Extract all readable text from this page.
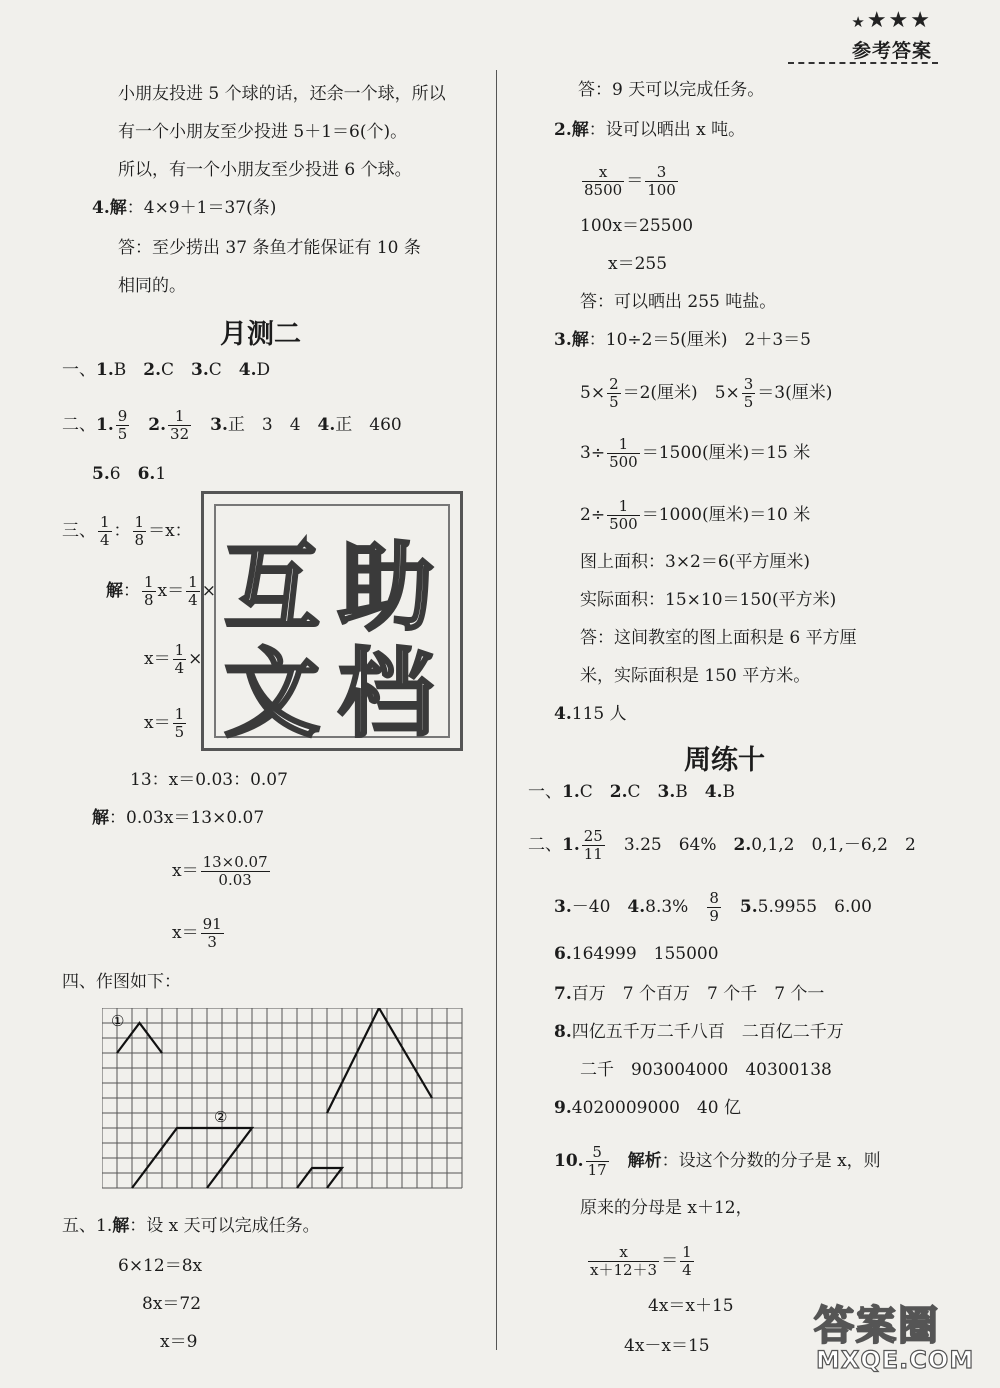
★★★★
参考答案
小朋友投进 5 个球的话，还余一个球，所以
有一个小朋友至少投进 5＋1＝6(个)。
所以，有一个小朋友至少投进 6 个球。
4.解：4×9＋1＝37(条)
答：至少捞出 37 条鱼才能保证有 10 条
相同的。
月测二
一、1.B　 2.C　 3.C　 4.D
二、1. $\frac{9}{5}$
　 2. $\frac{1}{32}$
　 3.正　3　4　 4.正　460
5.6　 6.1
三、 $\frac{1}{4}$ ： $\frac{1}{8} =x$：
解： $\frac{1}{8} x= \frac{1}{4}$ ×
$x= \frac{1}{4}$ ×
$x= \frac{1}{5}$
互 助
文 档
13：x＝0.03：0.07
解：0.03x＝13×0.07
$x= \frac{13\times 0.07}{0.03}$
$x= \frac{91}{3}$
四、作图如下：
①
②
五、1.解：设 x 天可以完成任务。
6×12＝8x
8x＝72
x＝9
答：9 天可以完成任务。
2.解：设可以晒出 x 吨。
$\frac{x}{8500} = \frac{3}{100}$
100x＝25500
x＝255
答：可以晒出 255 吨盐。
3.解：10÷2＝5(厘米)　2＋3＝5
$5\times \frac{2}{5} =2$(厘米)　$5\times \frac{3}{5} =3$(厘米)
$3\div \frac{1}{500} =1500$(厘米)＝15 米
$2\div \frac{1}{500} =1000$(厘米)＝10 米
图上面积：3×2＝6(平方厘米)
实际面积：15×10＝150(平方米)
答：这间教室的图上面积是 6 平方厘
米，实际面积是 150 平方米。
4.115 人
周练十
一、1.C　 2.C　 3.B　 4.B
二、1. $\frac{25}{11}$
　 3.25　64%　 2.0,1,2　0,1,－6,2　2
3.－40　 4.8.3%　 $\frac{8}{9}$
　 5.5.9955　6.00
6.164999　155000
7.百万　7 个百万　7 个千　7 个一
8.四亿五千万二千八百　二百亿二千万
二千　903004000　40300138
9.4020009000　40 亿
10. $\frac{5}{17}$
　 解析：设这个分数的分子是 x，则
原来的分母是 x＋12，
$\frac{x}{x+12+3} = \frac{1}{4}$
4x＝x＋15
4x－x＝15	答案圈
MXQE.COM
